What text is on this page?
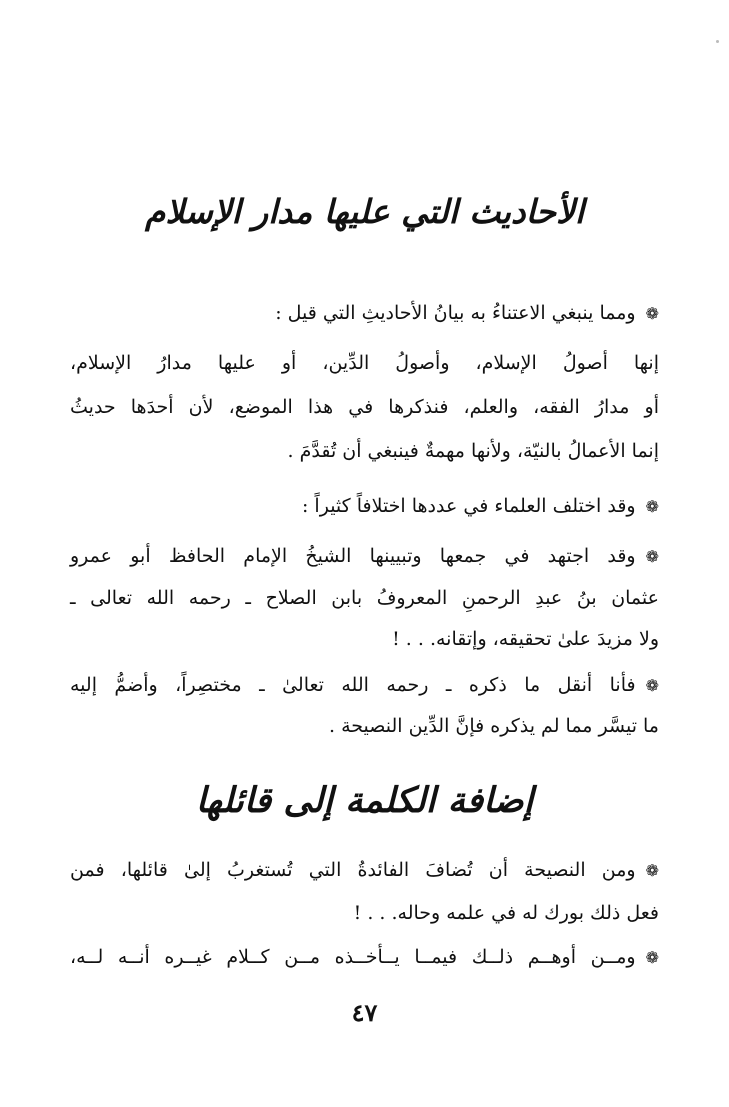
الأحاديث التي عليها مدار الإسلام
❁ومما ينبغي الاعتناءُ به بيانُ الأحاديثِ التي قيل :
إنها أصولُ الإسلام، وأصولُ الدِّين، أو عليها مدارُ الإسلام،
أو مدارُ الفقه، والعلم، فنذكرها في هذا الموضع، لأن أحدَها حديثُ
إنما الأعمالُ بالنيّة، ولأنها مهمةٌ فينبغي أن تُقدَّمَ .
❁وقد اختلف العلماء في عددها اختلافاً كثيراً :
❁وقد اجتهد في جمعها وتبيينها الشيخُ الإمام الحافظ أبو عمرو
عثمان بنُ عبدِ الرحمنِ المعروفُ بابن الصلاح ـ رحمه الله تعالى ـ
ولا مزيدَ علىٰ تحقيقه، وإتقانه. . . !
❁فأنا أنقل ما ذكره ـ رحمه الله تعالىٰ ـ مختصِراً، وأضمُّ إليه
ما تيسَّر مما لم يذكره فإنَّ الدِّين النصيحة .
إضافة الكلمة إلى قائلها
❁ومن النصيحة أن تُضافَ الفائدةُ التي تُستغربُ إلىٰ قائلها، فمن
فعل ذلك بورك له في علمه وحاله. . . !
❁ومــن أوهــم ذلــك فيمــا يــأخــذه مــن كــلام غيــره أنــه لــه،
٤٧
